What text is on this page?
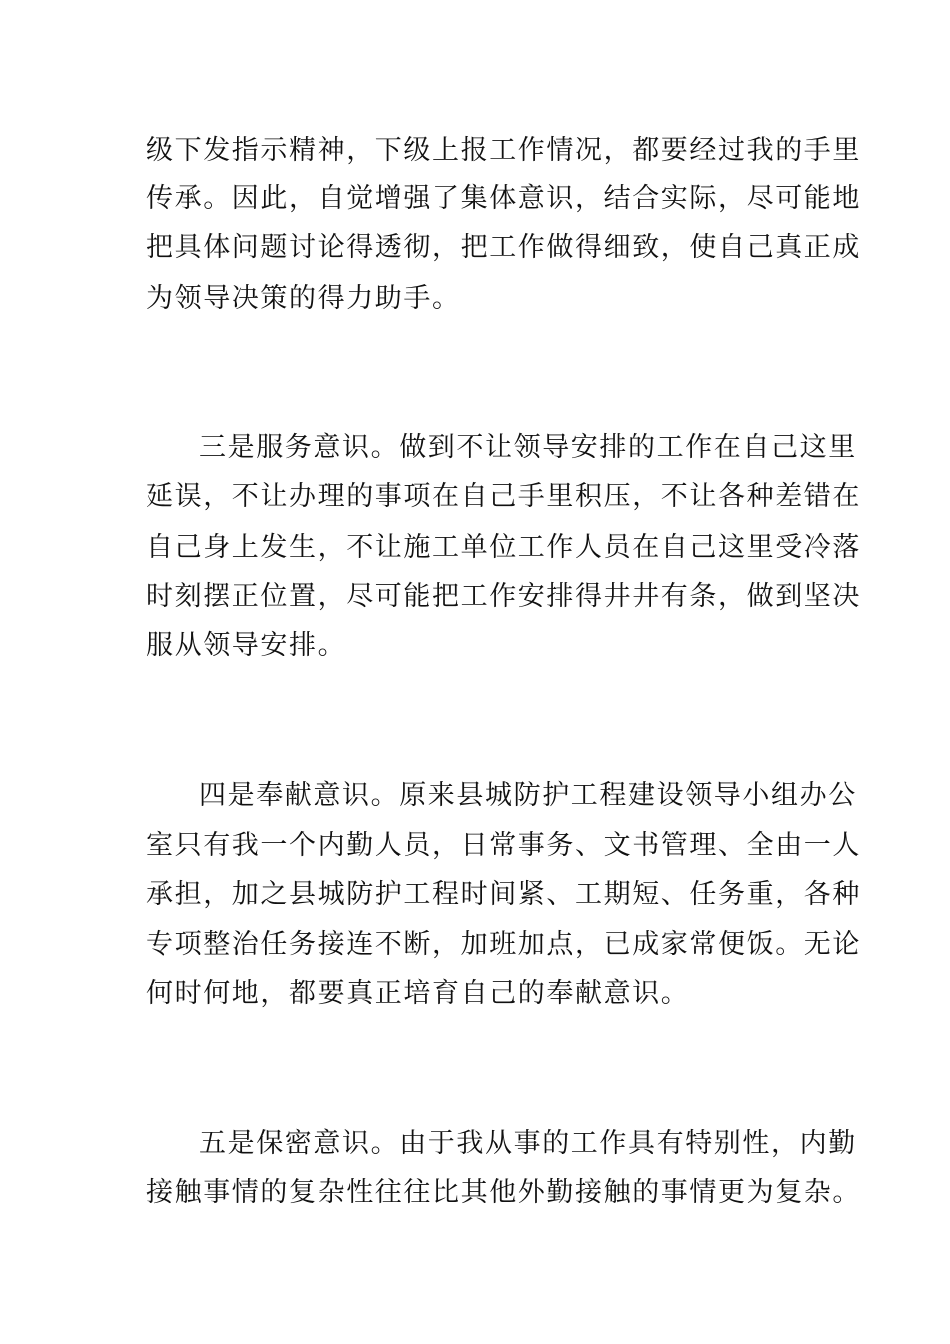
级下发指示精神，下级上报工作情况，都要经过我的手里
传承。因此，自觉增强了集体意识，结合实际，尽可能地
把具体问题讨论得透彻，把工作做得细致，使自己真正成
为领导决策的得力助手。
三是服务意识。做到不让领导安排的工作在自己这里
延误，不让办理的事项在自己手里积压，不让各种差错在
自己身上发生，不让施工单位工作人员在自己这里受冷落
时刻摆正位置，尽可能把工作安排得井井有条，做到坚决
服从领导安排。
四是奉献意识。原来县城防护工程建设领导小组办公
室只有我一个内勤人员，日常事务、文书管理、全由一人
承担，加之县城防护工程时间紧、工期短、任务重，各种
专项整治任务接连不断，加班加点，已成家常便饭。无论
何时何地，都要真正培育自己的奉献意识。
五是保密意识。由于我从事的工作具有特别性，内勤
接触事情的复杂性往往比其他外勤接触的事情更为复杂。
